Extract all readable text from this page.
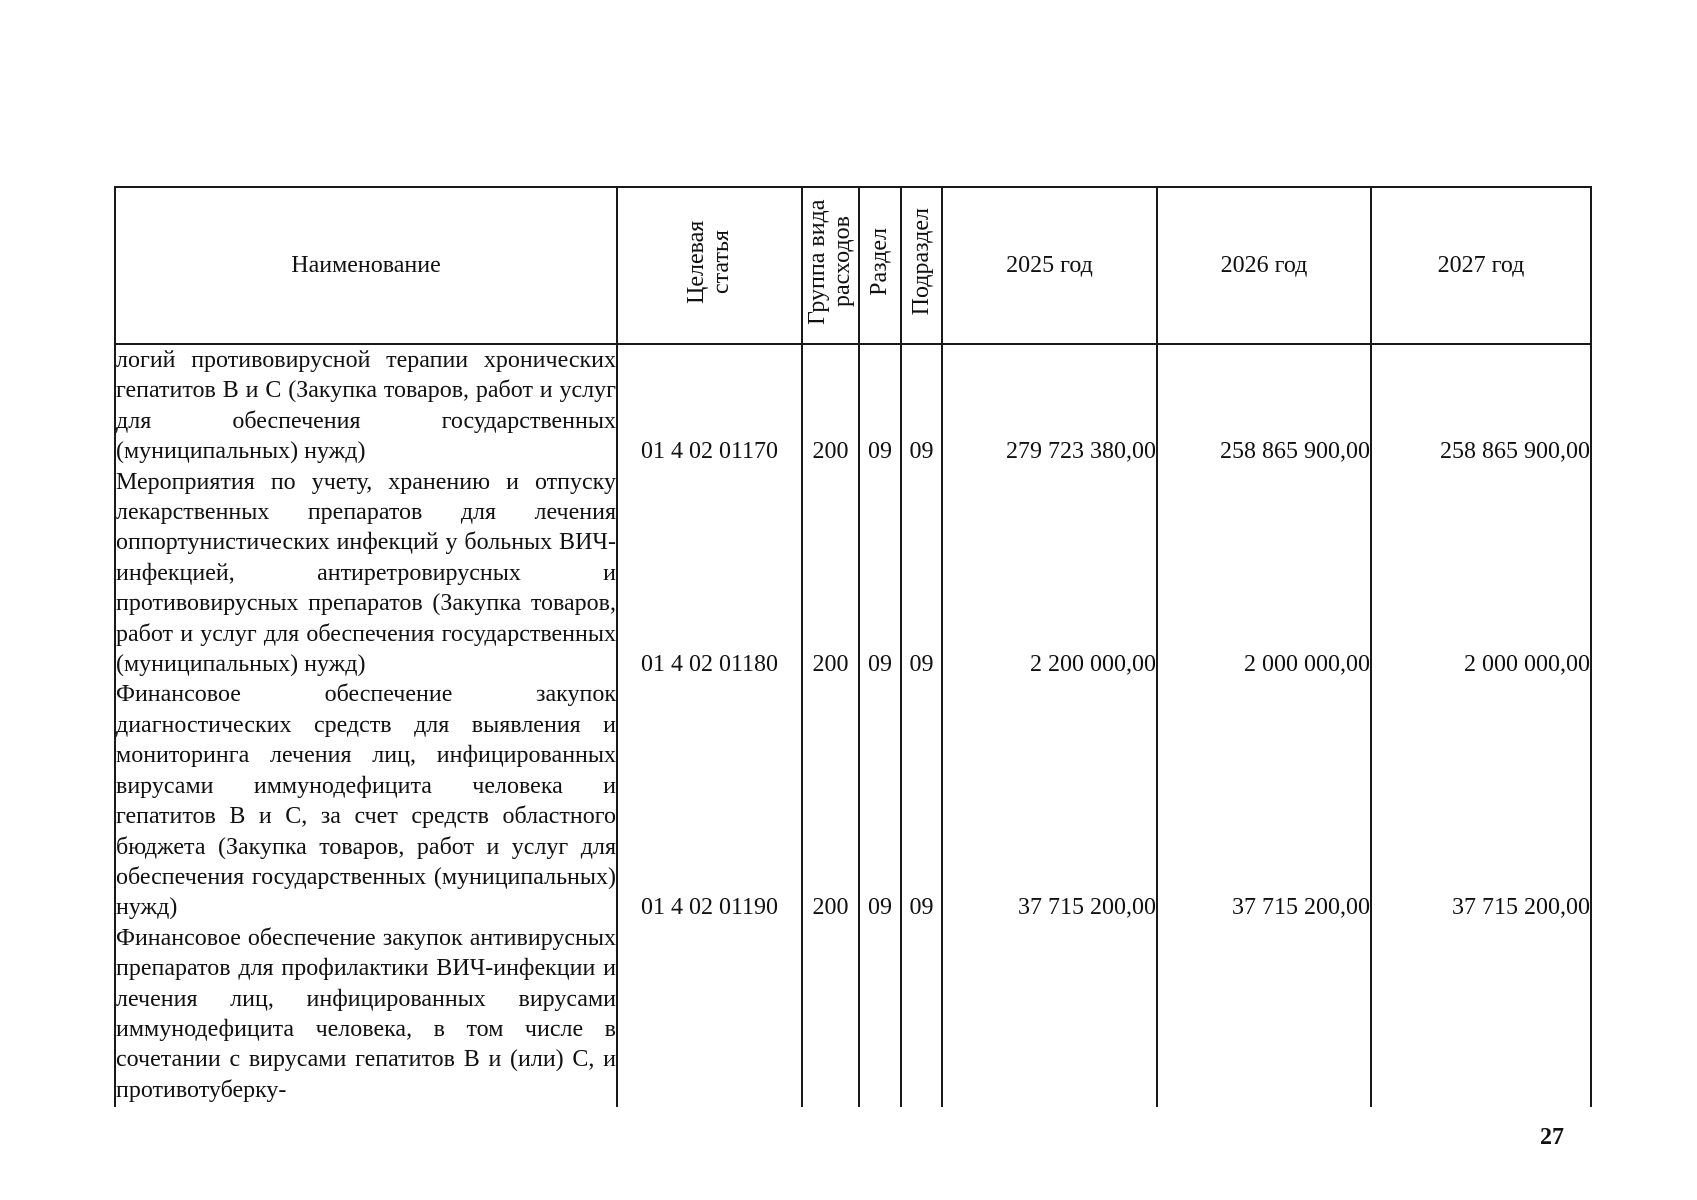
Наименование	Целевая статья	Группа вида расходов	Раздел	Подраздел	2025 год	2026 год	2027 год
логий противовирусной терапии хронических гепатитов В и С (Закупка товаров, работ и услуг для обеспечения государственных (муниципальных) нужд)	01 4 02 01170	200	09	09	279 723 380,00	258 865 900,00	258 865 900,00
Мероприятия по учету, хранению и отпуску лекарственных препаратов для лечения оппортунистических инфекций у больных ВИЧ-инфекцией, антиретровирусных и противовирусных препаратов (Закупка товаров, работ и услуг для обеспечения государственных (муниципальных) нужд)	01 4 02 01180	200	09	09	2 200 000,00	2 000 000,00	2 000 000,00
Финансовое обеспечение закупок диагностических средств для выявления и мониторинга лечения лиц, инфицированных вирусами иммунодефицита человека и гепатитов В и С, за счет средств областного бюджета (Закупка товаров, работ и услуг для обеспечения государственных (муниципальных) нужд)	01 4 02 01190	200	09	09	37 715 200,00	37 715 200,00	37 715 200,00
Финансовое обеспечение закупок антивирусных препаратов для профилактики ВИЧ-инфекции и лечения лиц, инфицированных вирусами иммунодефицита человека, в том числе в сочетании с вирусами гепатитов В и (или) С, и противотуберку-							
27
